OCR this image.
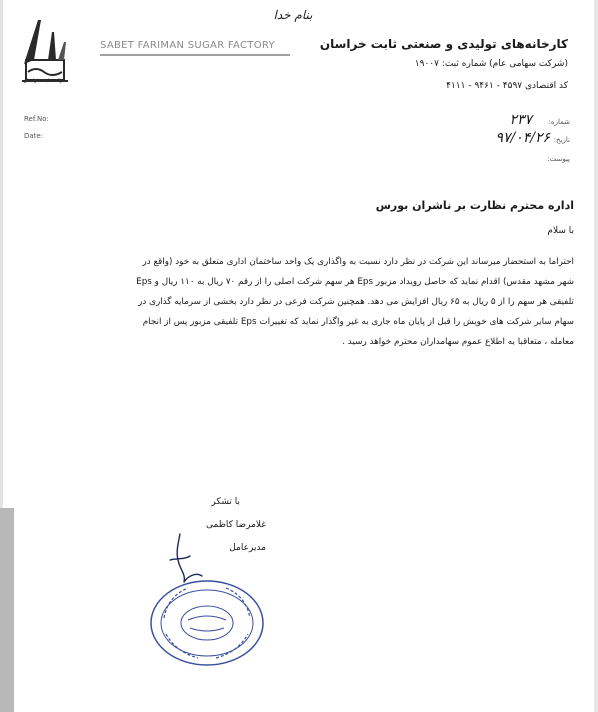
شرکت ثابت خراسان
SABET FARIMAN SUGAR FACTORY
بنام خدا
کارخانه‌های تولیدی و صنعتی ثابت خراسان
(شرکت سهامی عام) شماره ثبت: ۱۹۰۰۷
کد اقتصادی ۴۵۹۷ - ۹۴۶۱ - ۴۱۱۱
Ref.No:
Date:
شماره:
تاریخ:
پیوست:
۲۳۷
۹۷/۰۴/۲۶
اداره محترم نظارت بر ناشران بورس
با سلام
احتراما به استحضار میرساند این شرکت در نظر دارد نسبت به واگذاری یک واحد ساختمان اداری متعلق به خود (واقع در
شهر مشهد مقدس) اقدام نماید که حاصل رویداد مزبور Eps هر سهم شرکت اصلی را از رقم ۷۰ ریال به ۱۱۰ ریال و Eps
تلفیقی هر سهم را از ۵ ریال به ۶۵ ریال افزایش می دهد. همچنین شرکت فرعی در نظر دارد بخشی از سرمایه گذاری در
سهام سایر شرکت های خویش را قبل از پایان ماه جاری به غیر واگذار نماید که تغییرات Eps تلفیقی مزبور پس از انجام
معامله ، متعاقبا به اطلاع عموم سهامداران محترم خواهد رسید .
با تشکر
غلامرضا کاظمی
مدیرعامل
